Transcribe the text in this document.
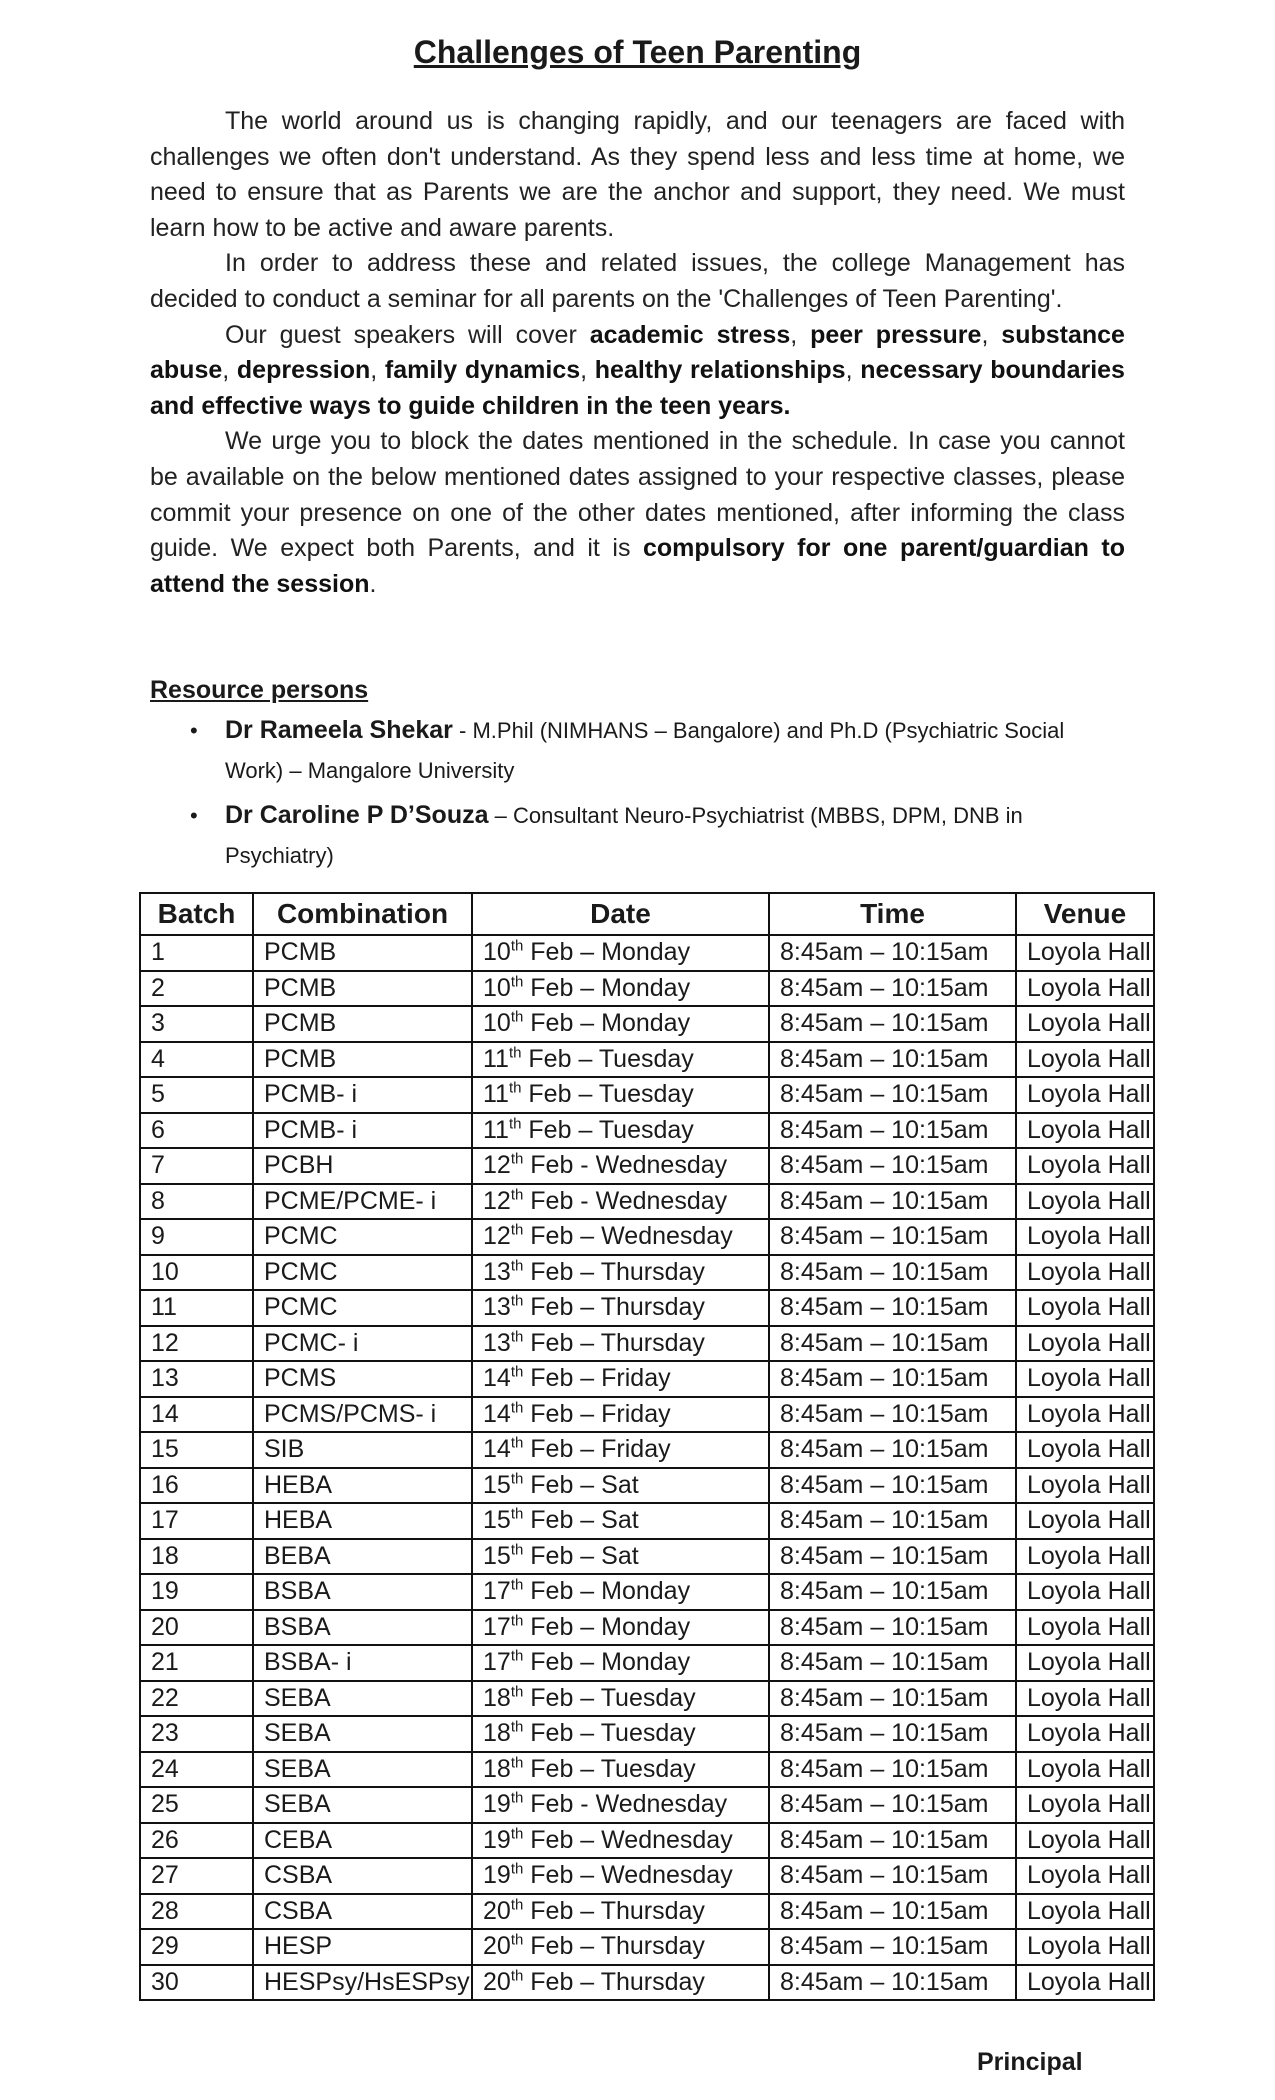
Challenges of Teen Parenting

The world around us is changing rapidly, and our teenagers are faced with challenges we often don't understand. As they spend less and less time at home, we need to ensure that as Parents we are the anchor and support, they need. We must learn how to be active and aware parents.

In order to address these and related issues, the college Management has decided to conduct a seminar for all parents on the 'Challenges of Teen Parenting'.

Our guest speakers will cover academic stress, peer pressure, substance abuse, depression, family dynamics, healthy relationships, necessary boundaries and effective ways to guide children in the teen years.

We urge you to block the dates mentioned in the schedule. In case you cannot be available on the below mentioned dates assigned to your respective classes, please commit your presence on one of the other dates mentioned, after informing the class guide. We expect both Parents, and it is compulsory for one parent/guardian to attend the session.

Resource persons
• Dr Rameela Shekar - M.Phil (NIMHANS – Bangalore) and Ph.D (Psychiatric Social Work) – Mangalore University
• Dr Caroline P D’Souza – Consultant Neuro-Psychiatrist (MBBS, DPM, DNB in Psychiatry)
Batch	Combination	Date	Time	Venue
1	PCMB	10th Feb – Monday	8:45am – 10:15am	Loyola Hall
2	PCMB	10th Feb – Monday	8:45am – 10:15am	Loyola Hall
3	PCMB	10th Feb – Monday	8:45am – 10:15am	Loyola Hall
4	PCMB	11th Feb – Tuesday	8:45am – 10:15am	Loyola Hall
5	PCMB- i	11th Feb – Tuesday	8:45am – 10:15am	Loyola Hall
6	PCMB- i	11th Feb – Tuesday	8:45am – 10:15am	Loyola Hall
7	PCBH	12th Feb - Wednesday	8:45am – 10:15am	Loyola Hall
8	PCME/PCME- i	12th Feb - Wednesday	8:45am – 10:15am	Loyola Hall
9	PCMC	12th Feb – Wednesday	8:45am – 10:15am	Loyola Hall
10	PCMC	13th Feb – Thursday	8:45am – 10:15am	Loyola Hall
11	PCMC	13th Feb – Thursday	8:45am – 10:15am	Loyola Hall
12	PCMC- i	13th Feb – Thursday	8:45am – 10:15am	Loyola Hall
13	PCMS	14th Feb – Friday	8:45am – 10:15am	Loyola Hall
14	PCMS/PCMS- i	14th Feb – Friday	8:45am – 10:15am	Loyola Hall
15	SIB	14th Feb – Friday	8:45am – 10:15am	Loyola Hall
16	HEBA	15th Feb – Sat	8:45am – 10:15am	Loyola Hall
17	HEBA	15th Feb – Sat	8:45am – 10:15am	Loyola Hall
18	BEBA	15th Feb – Sat	8:45am – 10:15am	Loyola Hall
19	BSBA	17th Feb – Monday	8:45am – 10:15am	Loyola Hall
20	BSBA	17th Feb – Monday	8:45am – 10:15am	Loyola Hall
21	BSBA- i	17th Feb – Monday	8:45am – 10:15am	Loyola Hall
22	SEBA	18th Feb – Tuesday	8:45am – 10:15am	Loyola Hall
23	SEBA	18th Feb – Tuesday	8:45am – 10:15am	Loyola Hall
24	SEBA	18th Feb – Tuesday	8:45am – 10:15am	Loyola Hall
25	SEBA	19th Feb - Wednesday	8:45am – 10:15am	Loyola Hall
26	CEBA	19th Feb – Wednesday	8:45am – 10:15am	Loyola Hall
27	CSBA	19th Feb – Wednesday	8:45am – 10:15am	Loyola Hall
28	CSBA	20th Feb – Thursday	8:45am – 10:15am	Loyola Hall
29	HESP	20th Feb – Thursday	8:45am – 10:15am	Loyola Hall
30	HESPsy/HsESPsy	20th Feb – Thursday	8:45am – 10:15am	Loyola Hall

Principal
